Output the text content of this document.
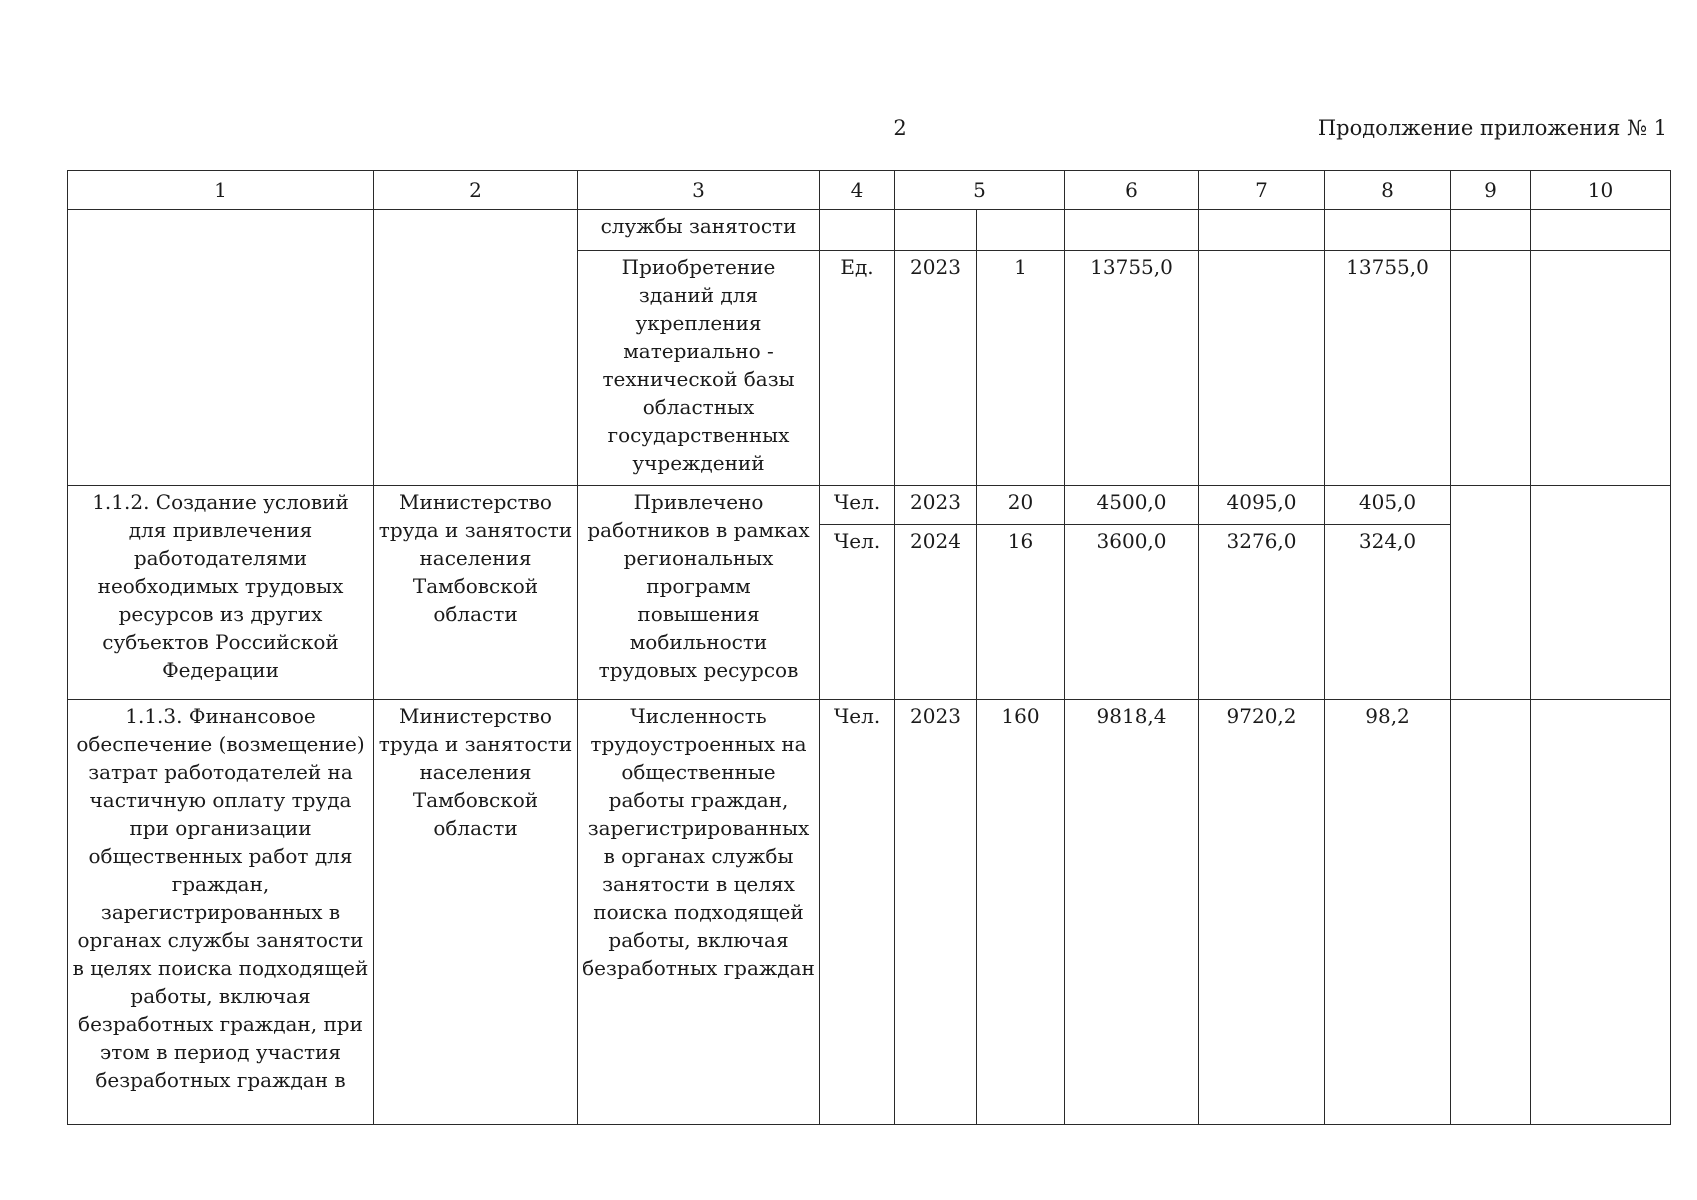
2	Продолжение приложения № 1
1	2	3	4	5		6	7	8	9	10
		службы занятости								
		Приобретение зданий для укрепления материально - технической базы областных государственных учреждений	Ед.	2023	1	13755,0		13755,0		
1.1.2. Создание условий для привлечения работодателями необходимых трудовых ресурсов из других субъектов Российской Федерации	Министерство труда и занятости населения Тамбовской области	Привлечено работников в рамках региональных программ повышения мобильности трудовых ресурсов	Чел.	2023	20	4500,0	4095,0	405,0		
			Чел.	2024	16	3600,0	3276,0	324,0		
1.1.3. Финансовое обеспечение (возмещение) затрат работодателей на частичную оплату труда при организации общественных работ для граждан, зарегистрированных в органах службы занятости в целях поиска подходящей работы, включая безработных граждан, при этом в период участия безработных граждан в	Министерство труда и занятости населения Тамбовской области	Численность трудоустроенных на общественные работы граждан, зарегистрированных в органах службы занятости в целях поиска подходящей работы, включая безработных граждан	Чел.	2023	160	9818,4	9720,2	98,2		
